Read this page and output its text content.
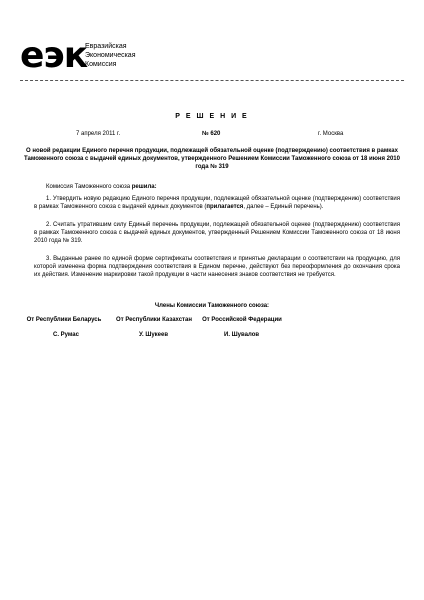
еэк
Евразийская
Экономическая
Комиссия
Р Е Ш Е Н И Е
7 апреля 2011 г.	№ 620	г. Москва
О новой редакции Единого перечня продукции, подлежащей обязательной оценке (подтверждению) соответствия в рамках Таможенного союза с выдачей единых документов, утвержденного Решением Комиссии Таможенного союза от 18 июня 2010 года № 319
Комиссия Таможенного союза решила:
1. Утвердить новую редакцию Единого перечня продукции, подлежащей обязательной оценке (подтверждению) соответствия в рамках Таможенного союза с выдачей единых документов (прилагается, далее – Единый перечень).
2. Считать утратившим силу Единый перечень продукции, подлежащей обязательной оценке (подтверждению) соответствия в рамках Таможенного союза с выдачей единых документов, утвержденный Решением Комиссии Таможенного союза от 18 июня 2010 года № 319.
3. Выданные ранее по единой форме сертификаты соответствия и принятые декларации о соответствии на продукцию, для которой изменена форма подтверждения соответствия в Едином перечне, действуют без переоформления до окончания срока их действия. Изменение маркировки такой продукции в части нанесения знаков соответствия не требуется.
Члены Комиссии Таможенного союза:
От Республики Беларусь	От Республики Казахстан	От Российской Федерации
С. Румас	У. Шукеев	И. Шувалов
